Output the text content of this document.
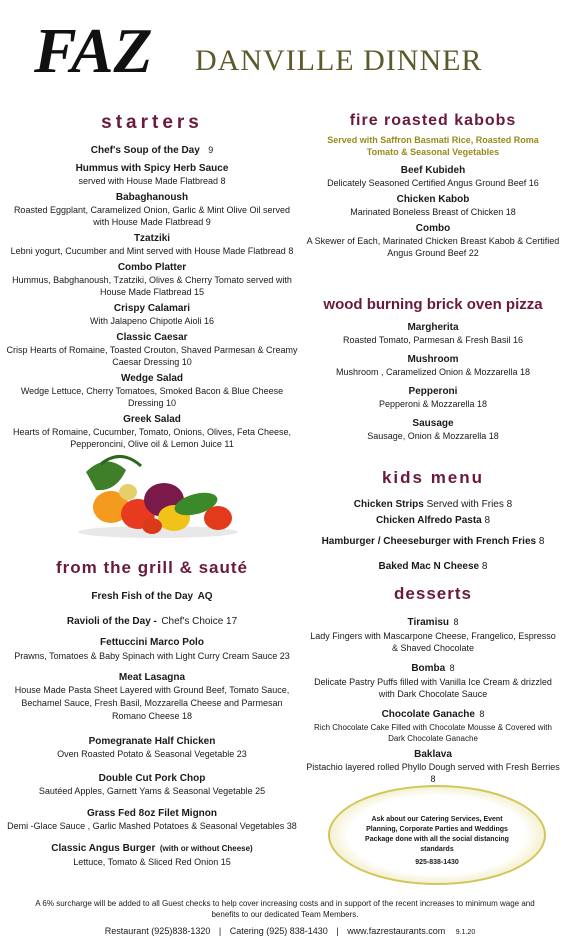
FAZ DANVILLE DINNER
starters
Chef's Soup of the Day 9
Hummus with Spicy Herb Sauce
served with House Made Flatbread 8
Babaghanoush
Roasted Eggplant, Caramelized Onion, Garlic & Mint Olive Oil served with House Made Flatbread 9
Tzatziki
Lebni yogurt, Cucumber and Mint served with House Made Flatbread 8
Combo Platter
Hummus, Babghanoush, Tzatziki, Olives & Cherry Tomato served with House Made Flatbread 15
Crispy Calamari
With Jalapeno Chipotle Aioli 16
Classic Caesar
Crisp Hearts of Romaine, Toasted Crouton, Shaved Parmesan & Creamy Caesar Dressing 10
Wedge Salad
Wedge Lettuce, Cherry Tomatoes, Smoked Bacon & Blue Cheese Dressing 10
Greek Salad
Hearts of Romaine, Cucumber, Tomato, Onions, Olives, Feta Cheese, Pepperoncini, Olive oil & Lemon Juice 11
from the grill & sauté
Fresh Fish of the Day AQ
Ravioli of the Day - Chef's Choice 17
Fettuccini Marco Polo
Prawns, Tomatoes & Baby Spinach with Light Curry Cream Sauce 23
Meat Lasagna
House Made Pasta Sheet Layered with Ground Beef, Tomato Sauce, Bechamel Sauce, Fresh Basil, Mozzarella Cheese and Parmesan Romano Cheese 18
Pomegranate Half Chicken
Oven Roasted Potato & Seasonal Vegetable 23
Double Cut Pork Chop
Sautéed Apples, Garnett Yams & Seasonal Vegetable 25
Grass Fed 8oz Filet Mignon
Demi -Glace Sauce , Garlic Mashed Potatoes & Seasonal Vegetables 38
Classic Angus Burger (with or without Cheese)
Lettuce, Tomato & Sliced Red Onion 15
fire roasted kabobs
Served with Saffron Basmati Rice, Roasted Roma Tomato & Seasonal Vegetables
Beef Kubideh
Delicately Seasoned Certified Angus Ground Beef 16
Chicken Kabob
Marinated Boneless Breast of Chicken 18
Combo
A Skewer of Each, Marinated Chicken Breast Kabob & Certified Angus Ground Beef 22
wood burning brick oven pizza
Margherita
Roasted Tomato, Parmesan & Fresh Basil 16
Mushroom
Mushroom , Caramelized Onion & Mozzarella 18
Pepperoni
Pepperoni & Mozzarella 18
Sausage
Sausage, Onion & Mozzarella 18
kids menu
Chicken Strips Served with Fries 8
Chicken Alfredo Pasta 8
Hamburger / Cheeseburger with French Fries 8
Baked Mac N Cheese 8
desserts
Tiramisu 8
Lady Fingers with Mascarpone Cheese, Frangelico, Espresso & Shaved Chocolate
Bomba 8
Delicate Pastry Puffs filled with Vanilla Ice Cream & drizzled with Dark Chocolate Sauce
Chocolate Ganache 8
Rich Chocolate Cake Filled with Chocolate Mousse & Covered with Dark Chocolate Ganache
Baklava
Pistachio layered rolled Phyllo Dough served with Fresh Berries 8
Ask about our Catering Services, Event Planning, Corporate Parties and Weddings Package done with all the social distancing standards
925-838-1430
A 6% surcharge will be added to all Guest checks to help cover increasing costs and in support of the recent increases to minimum wage and benefits to our dedicated Team Members.
Restaurant (925)838-1320 | Catering (925) 838-1430 | www.fazrestaurants.com 9.1.20
